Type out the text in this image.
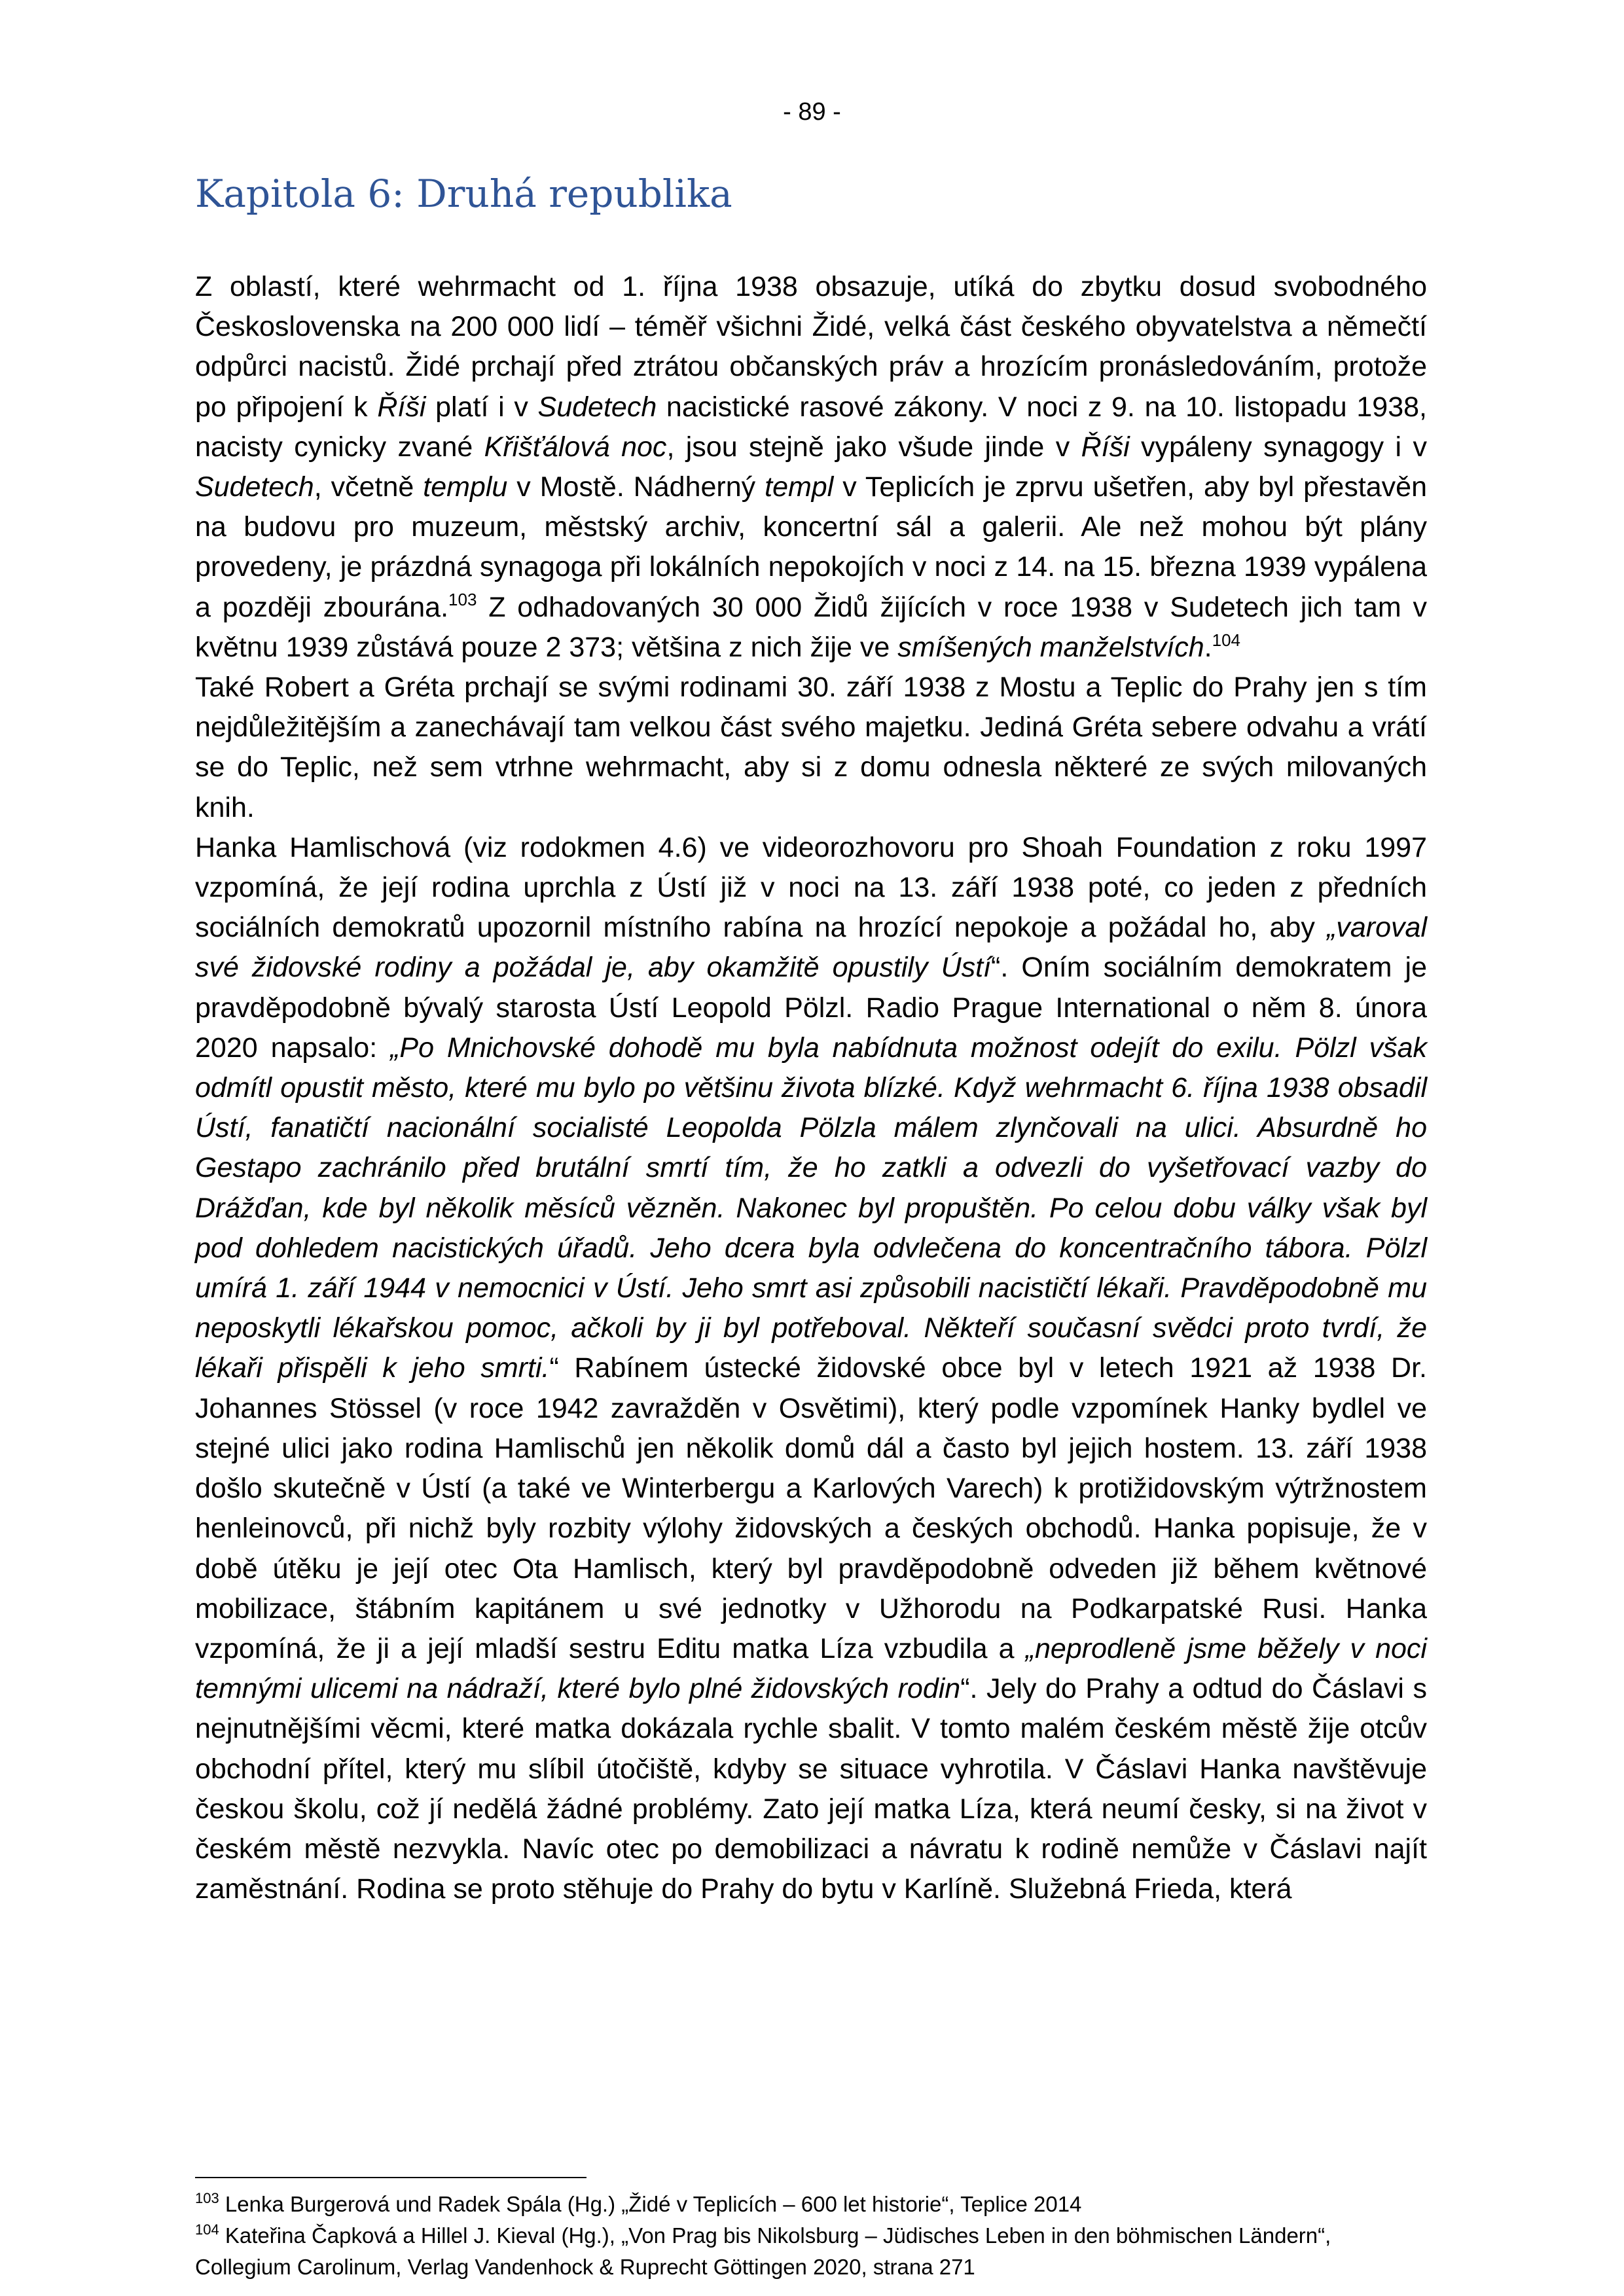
- 89 -
Kapitola 6: Druhá republika

Z oblastí, které wehrmacht od 1. října 1938 obsazuje, utíká do zbytku dosud svobodného Československa na 200 000 lidí – téměř všichni Židé, velká část českého obyvatelstva a němečtí odpůrci nacistů. Židé prchají před ztrátou občanských práv a hrozícím pronásledováním, protože po připojení k Říši platí i v Sudetech nacistické rasové zákony. V noci z 9. na 10. listopadu 1938, nacisty cynicky zvané Křišťálová noc, jsou stejně jako všude jinde v Říši vypáleny synagogy i v Sudetech, včetně templu v Mostě. Nádherný templ v Teplicích je zprvu ušetřen, aby byl přestavěn na budovu pro muzeum, městský archiv, koncertní sál a galerii. Ale než mohou být plány provedeny, je prázdná synagoga při lokálních nepokojích v noci z 14. na 15. března 1939 vypálena a později zbourána.$^{103}$ Z odhadovaných 30 000 Židů žijících v roce 1938 v Sudetech jich tam v květnu 1939 zůstává pouze 2 373; většina z nich žije ve smíšených manželstvích.$^{104}$

Také Robert a Gréta prchají se svými rodinami 30. září 1938 z Mostu a Teplic do Prahy jen s tím nejdůležitějším a zanechávají tam velkou část svého majetku. Jediná Gréta sebere odvahu a vrátí se do Teplic, než sem vtrhne wehrmacht, aby si z domu odnesla některé ze svých milovaných knih.

Hanka Hamlischová (viz rodokmen 4.6) ve videorozhovoru pro Shoah Foundation z roku 1997 vzpomíná, že její rodina uprchla z Ústí již v noci na 13. září 1938 poté, co jeden z předních sociálních demokratů upozornil místního rabína na hrozící nepokoje a požádal ho, aby „varoval své židovské rodiny a požádal je, aby okamžitě opustily Ústí“. Oním sociálním demokratem je pravděpodobně bývalý starosta Ústí Leopold Pölzl. Radio Prague International o něm 8. února 2020 napsalo: „Po Mnichovské dohodě mu byla nabídnuta možnost odejít do exilu. Pölzl však odmítl opustit město, které mu bylo po většinu života blízké. Když wehrmacht 6. října 1938 obsadil Ústí, fanatičtí nacionální socialisté Leopolda Pölzla málem zlynčovali na ulici. Absurdně ho Gestapo zachránilo před brutální smrtí tím, že ho zatkli a odvezli do vyšetřovací vazby do Drážďan, kde byl několik měsíců vězněn. Nakonec byl propuštěn. Po celou dobu války však byl pod dohledem nacistických úřadů. Jeho dcera byla odvlečena do koncentračního tábora. Pölzl umírá 1. září 1944 v nemocnici v Ústí. Jeho smrt asi způsobili nacističtí lékaři. Pravděpodobně mu neposkytli lékařskou pomoc, ačkoli by ji byl potřeboval. Někteří současní svědci proto tvrdí, že lékaři přispěli k jeho smrti.“ Rabínem ústecké židovské obce byl v letech 1921 až 1938 Dr. Johannes Stössel (v roce 1942 zavražděn v Osvětimi), který podle vzpomínek Hanky bydlel ve stejné ulici jako rodina Hamlischů jen několik domů dál a často byl jejich hostem. 13. září 1938 došlo skutečně v Ústí (a také ve Winterbergu a Karlových Varech) k protižidovským výtržnostem henleinovců, při nichž byly rozbity výlohy židovských a českých obchodů. Hanka popisuje, že v době útěku je její otec Ota Hamlisch, který byl pravděpodobně odveden již během květnové mobilizace, štábním kapitánem u své jednotky v Užhorodu na Podkarpatské Rusi. Hanka vzpomíná, že ji a její mladší sestru Editu matka Líza vzbudila a „neprodleně jsme běžely v noci temnými ulicemi na nádraží, které bylo plné židovských rodin“. Jely do Prahy a odtud do Čáslavi s nejnutnějšími věcmi, které matka dokázala rychle sbalit. V tomto malém českém městě žije otcův obchodní přítel, který mu slíbil útočiště, kdyby se situace vyhrotila. V Čáslavi Hanka navštěvuje českou školu, což jí nedělá žádné problémy. Zato její matka Líza, která neumí česky, si na život v českém městě nezvykla. Navíc otec po demobilizaci a návratu k rodině nemůže v Čáslavi najít zaměstnání. Rodina se proto stěhuje do Prahy do bytu v Karlíně. Služebná Frieda, která

$^{103}$ Lenka Burgerová und Radek Spála (Hg.) „Židé v Teplicích – 600 let historie“, Teplice 2014

$^{104}$ Kateřina Čapková a Hillel J. Kieval (Hg.), „Von Prag bis Nikolsburg – Jüdisches Leben in den böhmischen Ländern“, Collegium Carolinum, Verlag Vandenhock & Ruprecht Göttingen 2020, strana 271
